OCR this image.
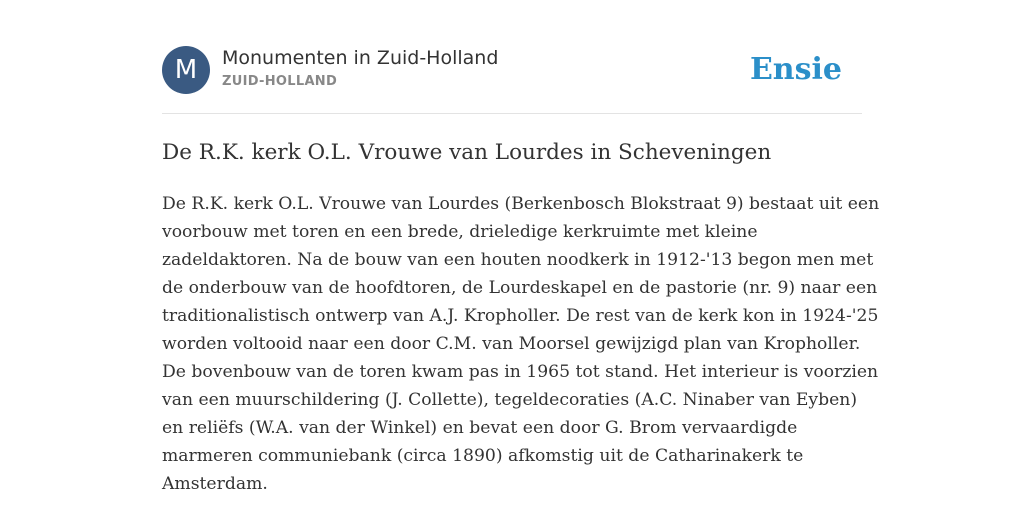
M	Monumenten in Zuid-Holland
ZUID-HOLLAND	Ensie
De R.K. kerk O.L. Vrouwe van Lourdes in Scheveningen
De R.K. kerk O.L. Vrouwe van Lourdes (Berkenbosch Blokstraat 9) bestaat uit een
voorbouw met toren en een brede, drieledige kerkruimte met kleine
zadeldaktoren. Na de bouw van een houten noodkerk in 1912-'13 begon men met
de onderbouw van de hoofdtoren, de Lourdeskapel en de pastorie (nr. 9) naar een
traditionalistisch ontwerp van A.J. Kropholler. De rest van de kerk kon in 1924-'25
worden voltooid naar een door C.M. van Moorsel gewijzigd plan van Kropholler.
De bovenbouw van de toren kwam pas in 1965 tot stand. Het interieur is voorzien
van een muurschildering (J. Collette), tegeldecoraties (A.C. Ninaber van Eyben)
en reliëfs (W.A. van der Winkel) en bevat een door G. Brom vervaardigde
marmeren communiebank (circa 1890) afkomstig uit de Catharinakerk te
Amsterdam.
